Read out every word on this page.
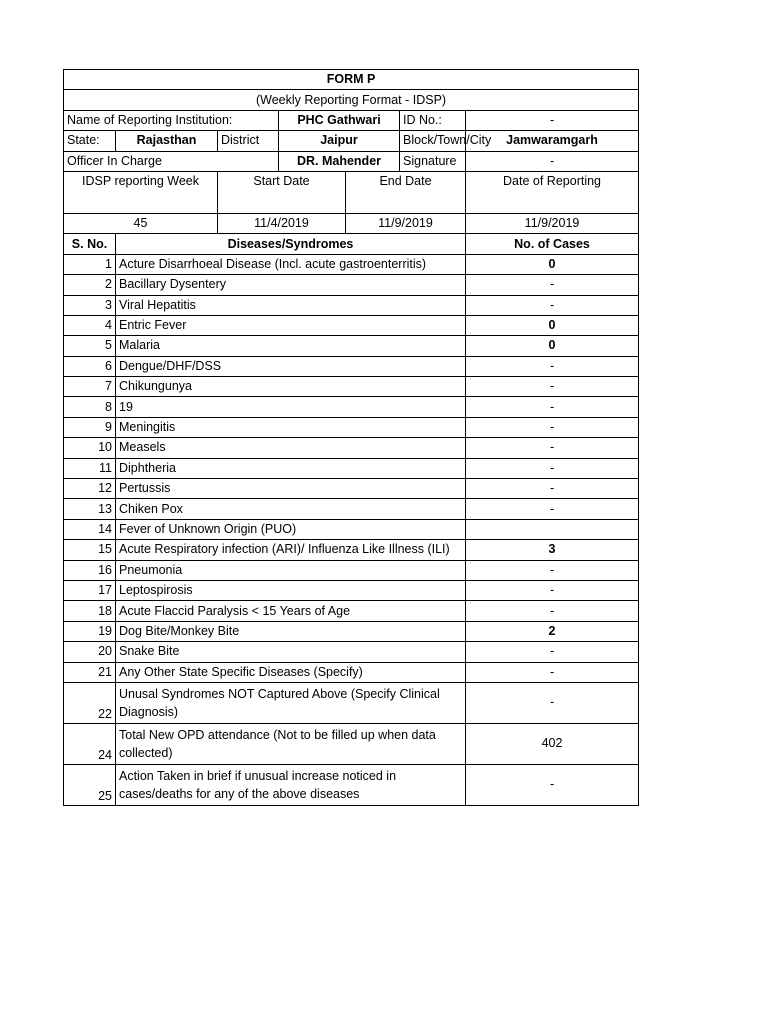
FORM P						
(Weekly Reporting Format - IDSP)						
Name of Reporting Institution:			PHC Gathwari		ID No.:	-
State:	Rajasthan	District	Jaipur		Block/Town/City	Jamwaramgarh
Officer In Charge			DR. Mahender		Signature	-
IDSP reporting Week		Start Date		End Date		Date of Reporting
45		11/4/2019		11/9/2019		11/9/2019
S. No.	Diseases/Syndromes					No. of Cases
1	Acture Disarrhoeal Disease (Incl. acute gastroenterritis)					0
2	Bacillary Dysentery					-
3	Viral Hepatitis					-
4	Entric Fever					0
5	Malaria					0
6	Dengue/DHF/DSS					-
7	Chikungunya					-
8	19					-
9	Meningitis					-
10	Measels					-
11	Diphtheria					-
12	Pertussis					-
13	Chiken Pox					-
14	Fever of Unknown Origin (PUO)					
15	Acute Respiratory infection (ARI)/ Influenza Like Illness (ILI)					3
16	Pneumonia					-
17	Leptospirosis					-
18	Acute Flaccid Paralysis < 15 Years of Age					-
19	Dog Bite/Monkey Bite					2
20	Snake Bite					-
21	Any Other State Specific Diseases (Specify)					-
22	Unusal Syndromes NOT Captured Above (Specify Clinical Diagnosis)					-
24	Total New OPD attendance (Not to be filled up when data collected)					402
25	Action Taken in brief if unusual increase noticed in cases/deaths for any of the above diseases					-
